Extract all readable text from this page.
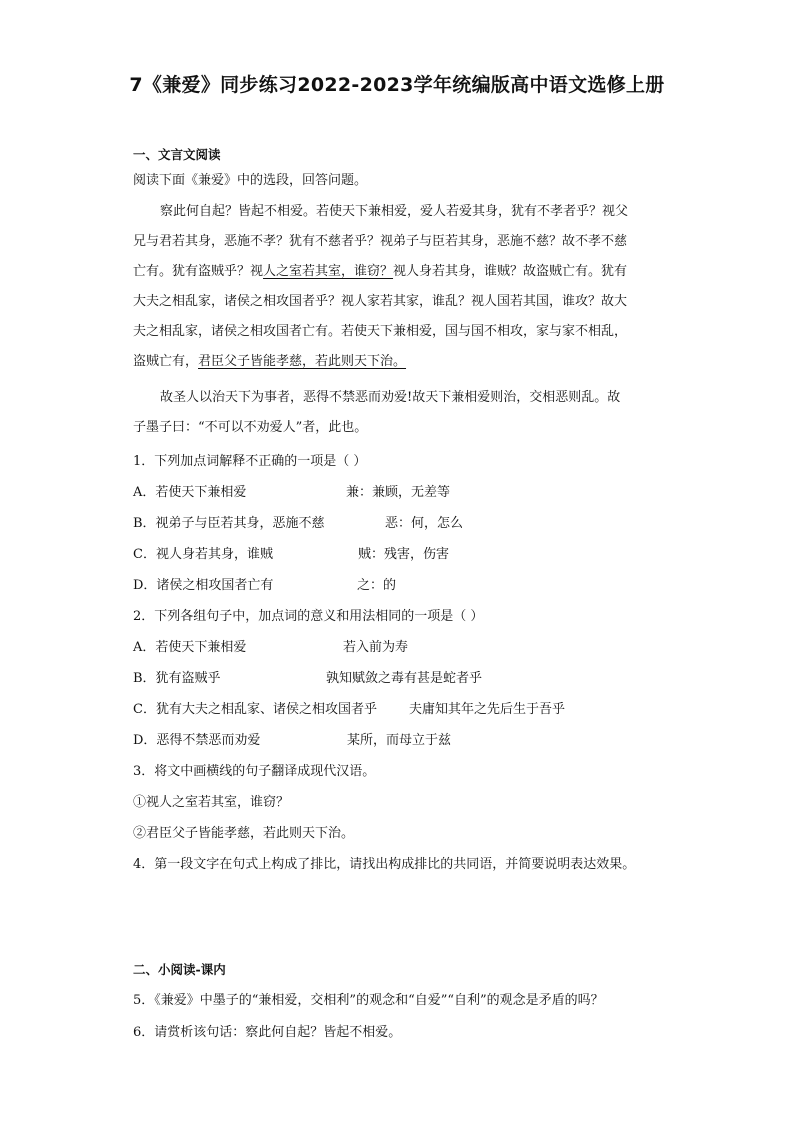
7《兼爱》同步练习2022-2023学年统编版高中语文选修上册
一、文言文阅读
阅读下面《兼爱》中的选段，回答问题。
察此何自起？皆起不相爱。若使天下兼相爱，爱人若爱其身，犹有不孝者乎？视父
兄与君若其身，恶施不孝？犹有不慈者乎？视弟子与臣若其身，恶施不慈？故不孝不慈
亡有。犹有盗贼乎？视人之室若其室，谁窃？视人身若其身，谁贼？故盗贼亡有。犹有
大夫之相乱家，诸侯之相攻国者乎？视人家若其家，谁乱？视人国若其国，谁攻？故大
夫之相乱家，诸侯之相攻国者亡有。若使天下兼相爱，国与国不相攻，家与家不相乱，
盗贼亡有，君臣父子皆能孝慈，若此则天下治。
故圣人以治天下为事者，恶得不禁恶而劝爱!故天下兼相爱则治，交相恶则乱。故
子墨子曰：“不可以不劝爱人”者，此也。
1．下列加点词解释不正确的一项是（ ）
A．若使天下兼相爱	兼：兼顾，无差等
B．视弟子与臣若其身，恶施不慈	恶：何，怎么
C．视人身若其身，谁贼	贼：残害，伤害
D．诸侯之相攻国者亡有	之：的
2．下列各组句子中，加点词的意义和用法相同的一项是（ ）
A．若使天下兼相爱	若入前为寿
B．犹有盗贼乎	孰知赋敛之毒有甚是蛇者乎
C．犹有大夫之相乱家、诸侯之相攻国者乎 夫庸知其年之先后生于吾乎
D．恶得不禁恶而劝爱	某所，而母立于兹
3．将文中画横线的句子翻译成现代汉语。
①视人之室若其室，谁窃？
②君臣父子皆能孝慈，若此则天下治。
4．第一段文字在句式上构成了排比，请找出构成排比的共同语，并简要说明表达效果。
二、小阅读-课内
5．《兼爱》中墨子的“兼相爱，交相利”的观念和“自爱”“自利”的观念是矛盾的吗？
6．请赏析该句话：察此何自起？皆起不相爱。
